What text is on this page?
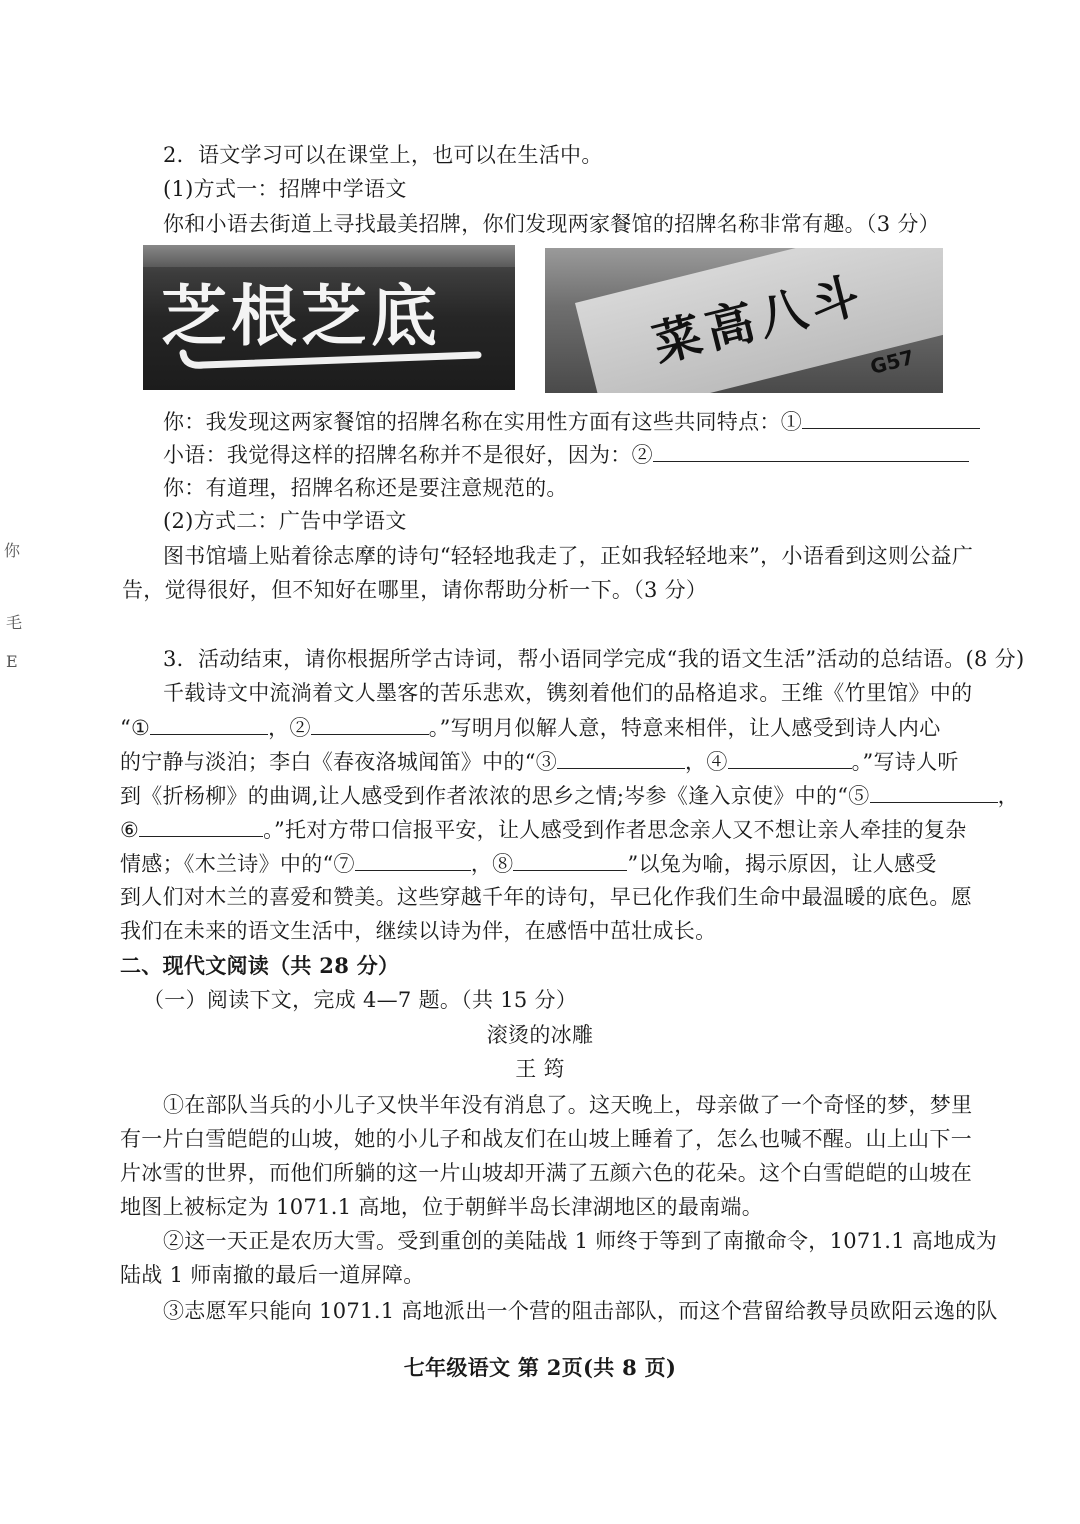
2．语文学习可以在课堂上，也可以在生活中。
(1)方式一：招牌中学语文
你和小语去街道上寻找最美招牌，你们发现两家餐馆的招牌名称非常有趣。（3 分）
芝根芝底	菜高八斗
G57
你：我发现这两家餐馆的招牌名称在实用性方面有这些共同特点：①
小语：我觉得这样的招牌名称并不是很好，因为：②
你：有道理，招牌名称还是要注意规范的。
(2)方式二：广告中学语文
图书馆墙上贴着徐志摩的诗句“轻轻地我走了，正如我轻轻地来”，小语看到这则公益广
告，觉得很好，但不知好在哪里，请你帮助分析一下。（3 分）
你
毛
E	3．活动结束，请你根据所学古诗词，帮小语同学完成“我的语文生活”活动的总结语。(8 分)
千载诗文中流淌着文人墨客的苦乐悲欢，镌刻着他们的品格追求。王维《竹里馆》中的
“①	，②	。”写明月似解人意，特意来相伴，让人感受到诗人内心
的宁静与淡泊；李白《春夜洛城闻笛》中的“③	，④	。”写诗人听
到《折杨柳》的曲调,让人感受到作者浓浓的思乡之情;岑参《逢入京使》中的“⑤	，
⑥	。”托对方带口信报平安，让人感受到作者思念亲人又不想让亲人牵挂的复杂
情感；《木兰诗》中的“⑦	，⑧	”以兔为喻，揭示原因，让人感受
到人们对木兰的喜爱和赞美。这些穿越千年的诗句，早已化作我们生命中最温暖的底色。愿
我们在未来的语文生活中，继续以诗为伴，在感悟中茁壮成长。
二、现代文阅读（共 28 分）
（一）阅读下文，完成 4—7 题。（共 15 分）
滚烫的冰雕
王 筠
①在部队当兵的小儿子又快半年没有消息了。这天晚上，母亲做了一个奇怪的梦，梦里
有一片白雪皑皑的山坡，她的小儿子和战友们在山坡上睡着了，怎么也喊不醒。山上山下一
片冰雪的世界，而他们所躺的这一片山坡却开满了五颜六色的花朵。这个白雪皑皑的山坡在
地图上被标定为 1071.1 高地，位于朝鲜半岛长津湖地区的最南端。
②这一天正是农历大雪。受到重创的美陆战 1 师终于等到了南撤命令，1071.1 高地成为
陆战 1 师南撤的最后一道屏障。
③志愿军只能向 1071.1 高地派出一个营的阻击部队，而这个营留给教导员欧阳云逸的队
七年级语文 第 2页(共 8 页)
